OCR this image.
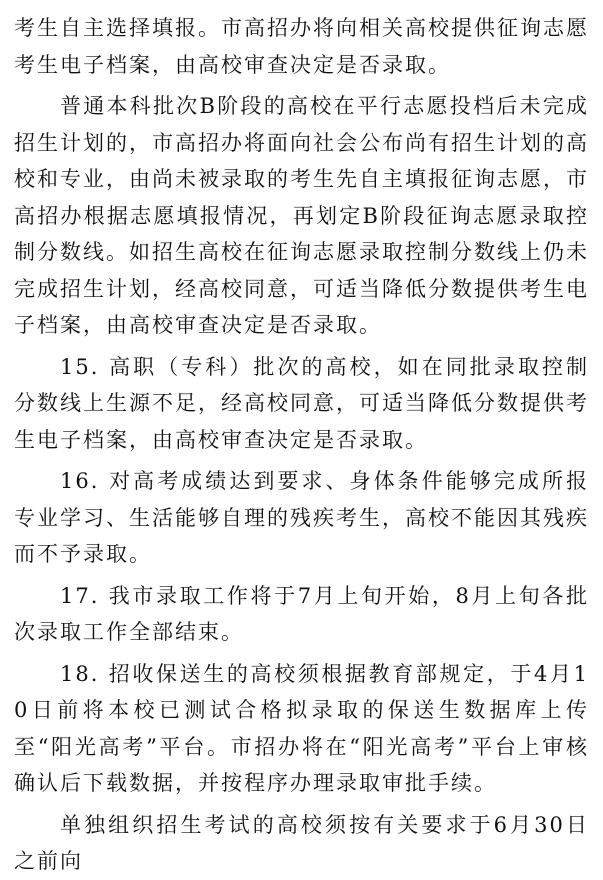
考生自主选择填报。市高招办将向相关高校提供征询志愿考生电子档案，由高校审查决定是否录取。

普通本科批次B阶段的高校在平行志愿投档后未完成招生计划的，市高招办将面向社会公布尚有招生计划的高校和专业，由尚未被录取的考生先自主填报征询志愿，市高招办根据志愿填报情况，再划定B阶段征询志愿录取控制分数线。如招生高校在征询志愿录取控制分数线上仍未完成招生计划，经高校同意，可适当降低分数提供考生电子档案，由高校审查决定是否录取。

15. 高职（专科）批次的高校，如在同批录取控制分数线上生源不足，经高校同意，可适当降低分数提供考生电子档案，由高校审查决定是否录取。

16. 对高考成绩达到要求、身体条件能够完成所报专业学习、生活能够自理的残疾考生，高校不能因其残疾而不予录取。

17. 我市录取工作将于7月上旬开始，8月上旬各批次录取工作全部结束。

18. 招收保送生的高校须根据教育部规定，于4月10日前将本校已测试合格拟录取的保送生数据库上传至“阳光高考”平台。市招办将在“阳光高考”平台上审核确认后下载数据，并按程序办理录取审批手续。

单独组织招生考试的高校须按有关要求于6月30日之前向
